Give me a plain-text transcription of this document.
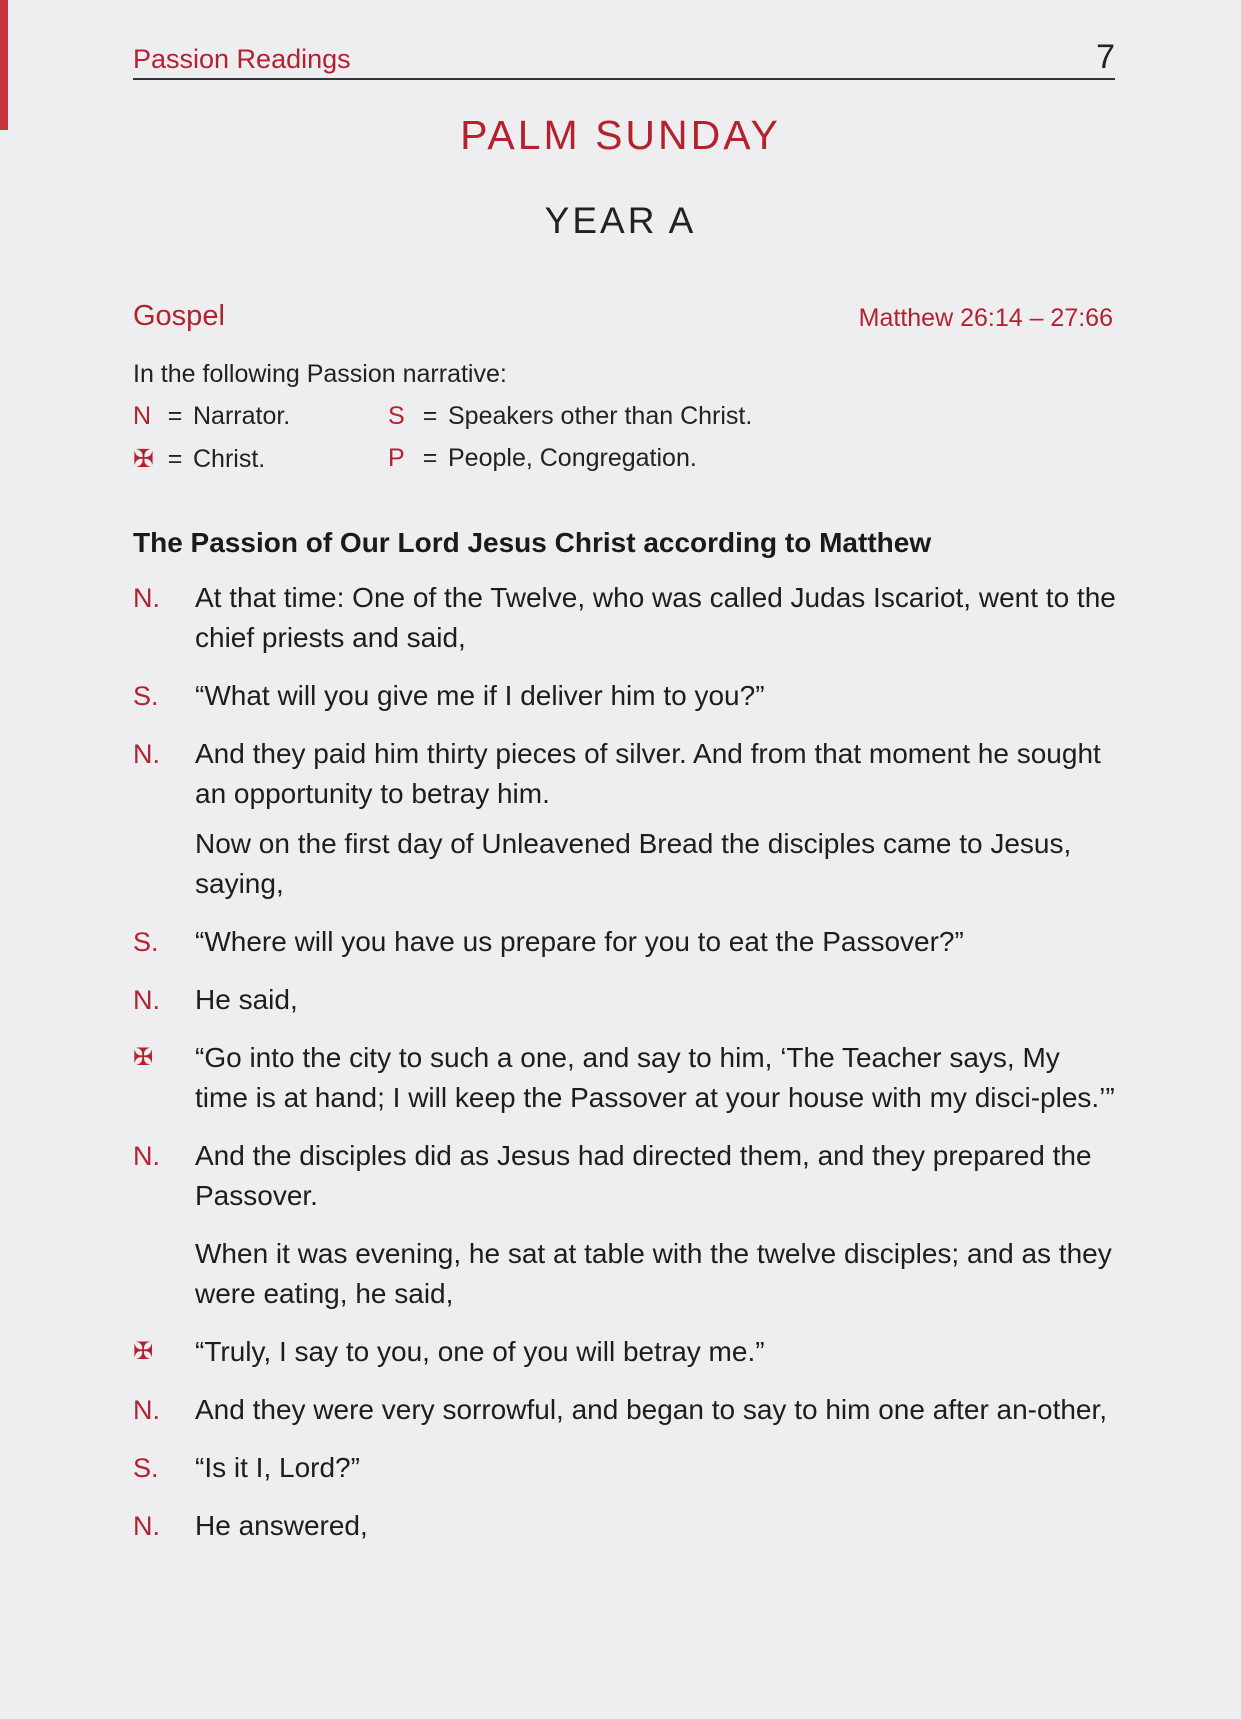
Passion Readings	7
PALM SUNDAY
YEAR A
Gospel	Matthew 26:14 – 27:66
In the following Passion narrative:
N = Narrator.	S = Speakers other than Christ.
✠ = Christ.	P = People, Congregation.
The Passion of Our Lord Jesus Christ according to Matthew
N.	At that time: One of the Twelve, who was called Judas Iscariot, went to the chief priests and said,
S.	“What will you give me if I deliver him to you?”
N.	And they paid him thirty pieces of silver. And from that moment he sought an opportunity to betray him.
Now on the first day of Unleavened Bread the disciples came to Jesus, saying,
S.	“Where will you have us prepare for you to eat the Passover?”
N.	He said,
✠	“Go into the city to such a one, and say to him, ‘The Teacher says, My time is at hand; I will keep the Passover at your house with my disci-ples.’”
N.	And the disciples did as Jesus had directed them, and they prepared the Passover.
When it was evening, he sat at table with the twelve disciples; and as they were eating, he said,
✠	“Truly, I say to you, one of you will betray me.”
N.	And they were very sorrowful, and began to say to him one after an-other,
S.	“Is it I, Lord?”
N.	He answered,
